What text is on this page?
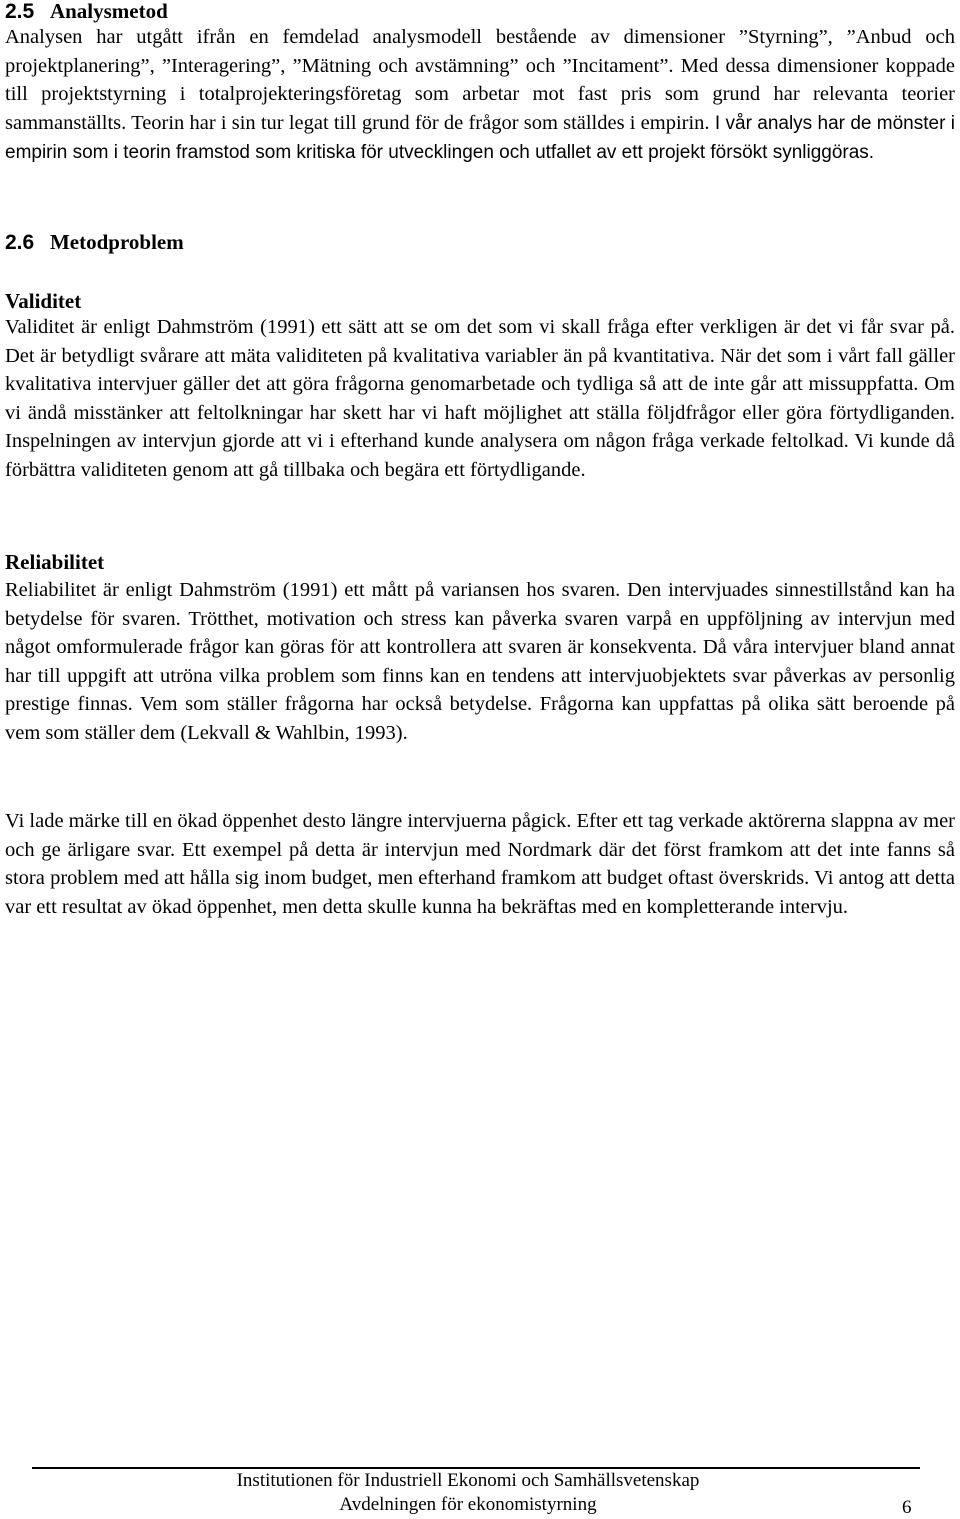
2.5 Analysmetod

Analysen har utgått ifrån en femdelad analysmodell bestående av dimensioner ”Styrning”, ”Anbud och projektplanering”, ”Interagering”, ”Mätning och avstämning” och ”Incitament”. Med dessa dimensioner koppade till projektstyrning i totalprojekteringsföretag som arbetar mot fast pris som grund har relevanta teorier sammanställts. Teorin har i sin tur legat till grund för de frågor som ställdes i empirin. I vår analys har de mönster i empirin som i teorin framstod som kritiska för utvecklingen och utfallet av ett projekt försökt synliggöras.

2.6 Metodproblem
Validitet

Validitet är enligt Dahmström (1991) ett sätt att se om det som vi skall fråga efter verkligen är det vi får svar på. Det är betydligt svårare att mäta validiteten på kvalitativa variabler än på kvantitativa. När det som i vårt fall gäller kvalitativa intervjuer gäller det att göra frågorna genomarbetade och tydliga så att de inte går att missuppfatta. Om vi ändå misstänker att feltolkningar har skett har vi haft möjlighet att ställa följdfrågor eller göra förtydliganden. Inspelningen av intervjun gjorde att vi i efterhand kunde analysera om någon fråga verkade feltolkad. Vi kunde då förbättra validiteten genom att gå tillbaka och begära ett förtydligande.

Reliabilitet

Reliabilitet är enligt Dahmström (1991) ett mått på variansen hos svaren. Den intervjuades sinnestillstånd kan ha betydelse för svaren. Trötthet, motivation och stress kan påverka svaren varpå en uppföljning av intervjun med något omformulerade frågor kan göras för att kontrollera att svaren är konsekventa. Då våra intervjuer bland annat har till uppgift att utröna vilka problem som finns kan en tendens att intervjuobjektets svar påverkas av personlig prestige finnas. Vem som ställer frågorna har också betydelse. Frågorna kan uppfattas på olika sätt beroende på vem som ställer dem (Lekvall & Wahlbin, 1993).

Vi lade märke till en ökad öppenhet desto längre intervjuerna pågick. Efter ett tag verkade aktörerna slappna av mer och ge ärligare svar. Ett exempel på detta är intervjun med Nordmark där det först framkom att det inte fanns så stora problem med att hålla sig inom budget, men efterhand framkom att budget oftast överskrids. Vi antog att detta var ett resultat av ökad öppenhet, men detta skulle kunna ha bekräftas med en kompletterande intervju.

Institutionen för Industriell Ekonomi och Samhällsvetenskap
Avdelningen för ekonomistyrning	6
